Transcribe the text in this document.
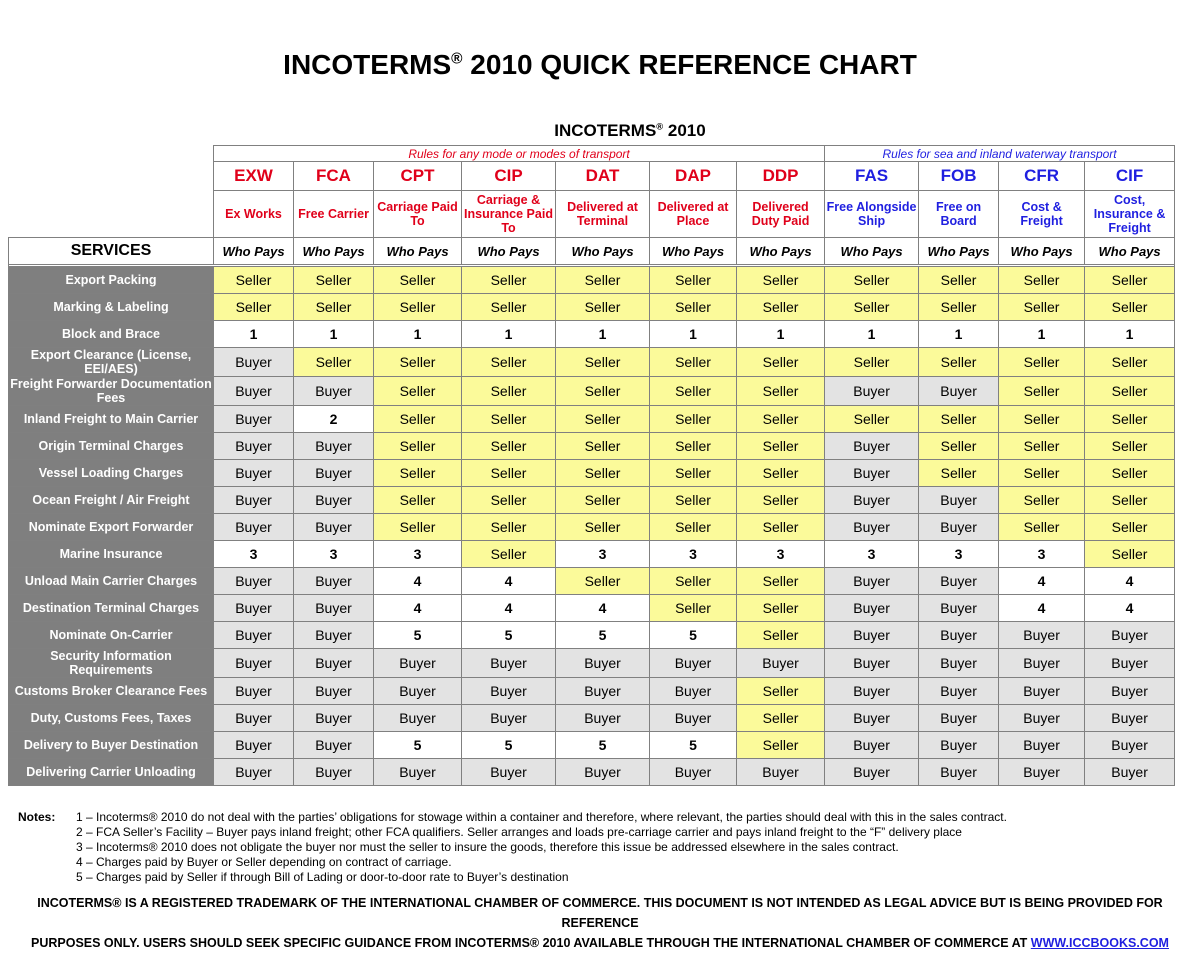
INCOTERMS® 2010 QUICK REFERENCE CHART
INCOTERMS® 2010
	Rules for any mode or modes of transport							Rules for sea and inland waterway transport			
	EXW	FCA	CPT	CIP	DAT	DAP	DDP	FAS	FOB	CFR	CIF
	Ex Works	Free Carrier	Carriage Paid To	Carriage & Insurance Paid To	Delivered at Terminal	Delivered at Place	Delivered Duty Paid	Free Alongside Ship	Free on Board	Cost & Freight	Cost, Insurance & Freight
SERVICES	Who Pays	Who Pays	Who Pays	Who Pays	Who Pays	Who Pays	Who Pays	Who Pays	Who Pays	Who Pays	Who Pays

Export Packing	Seller	Seller	Seller	Seller	Seller	Seller	Seller	Seller	Seller	Seller	Seller
Marking & Labeling	Seller	Seller	Seller	Seller	Seller	Seller	Seller	Seller	Seller	Seller	Seller
Block and Brace	1	1	1	1	1	1	1	1	1	1	1
Export Clearance (License, EEI/AES)	Buyer	Seller	Seller	Seller	Seller	Seller	Seller	Seller	Seller	Seller	Seller
Freight Forwarder Documentation Fees	Buyer	Buyer	Seller	Seller	Seller	Seller	Seller	Buyer	Buyer	Seller	Seller
Inland Freight to Main Carrier	Buyer	2	Seller	Seller	Seller	Seller	Seller	Seller	Seller	Seller	Seller
Origin Terminal Charges	Buyer	Buyer	Seller	Seller	Seller	Seller	Seller	Buyer	Seller	Seller	Seller
Vessel Loading Charges	Buyer	Buyer	Seller	Seller	Seller	Seller	Seller	Buyer	Seller	Seller	Seller
Ocean Freight / Air Freight	Buyer	Buyer	Seller	Seller	Seller	Seller	Seller	Buyer	Buyer	Seller	Seller
Nominate Export Forwarder	Buyer	Buyer	Seller	Seller	Seller	Seller	Seller	Buyer	Buyer	Seller	Seller
Marine Insurance	3	3	3	Seller	3	3	3	3	3	3	Seller
Unload Main Carrier Charges	Buyer	Buyer	4	4	Seller	Seller	Seller	Buyer	Buyer	4	4
Destination Terminal Charges	Buyer	Buyer	4	4	4	Seller	Seller	Buyer	Buyer	4	4
Nominate On-Carrier	Buyer	Buyer	5	5	5	5	Seller	Buyer	Buyer	Buyer	Buyer
Security Information Requirements	Buyer	Buyer	Buyer	Buyer	Buyer	Buyer	Buyer	Buyer	Buyer	Buyer	Buyer
Customs Broker Clearance Fees	Buyer	Buyer	Buyer	Buyer	Buyer	Buyer	Seller	Buyer	Buyer	Buyer	Buyer
Duty, Customs Fees, Taxes	Buyer	Buyer	Buyer	Buyer	Buyer	Buyer	Seller	Buyer	Buyer	Buyer	Buyer
Delivery to Buyer Destination	Buyer	Buyer	5	5	5	5	Seller	Buyer	Buyer	Buyer	Buyer
Delivering Carrier Unloading	Buyer	Buyer	Buyer	Buyer	Buyer	Buyer	Buyer	Buyer	Buyer	Buyer	Buyer
Notes: 1 – Incoterms® 2010 do not deal with the parties’ obligations for stowage within a container and therefore, where relevant, the parties should deal with this in the sales contract.
2 – FCA Seller’s Facility – Buyer pays inland freight; other FCA qualifiers. Seller arranges and loads pre-carriage carrier and pays inland freight to the “F” delivery place
3 – Incoterms® 2010 does not obligate the buyer nor must the seller to insure the goods, therefore this issue be addressed elsewhere in the sales contract.
4 – Charges paid by Buyer or Seller depending on contract of carriage.
5 – Charges paid by Seller if through Bill of Lading or door-to-door rate to Buyer’s destination
INCOTERMS® IS A REGISTERED TRADEMARK OF THE INTERNATIONAL CHAMBER OF COMMERCE. THIS DOCUMENT IS NOT INTENDED AS LEGAL ADVICE BUT IS BEING PROVIDED FOR REFERENCE
PURPOSES ONLY. USERS SHOULD SEEK SPECIFIC GUIDANCE FROM INCOTERMS® 2010 AVAILABLE THROUGH THE INTERNATIONAL CHAMBER OF COMMERCE AT WWW.ICCBOOKS.COM
